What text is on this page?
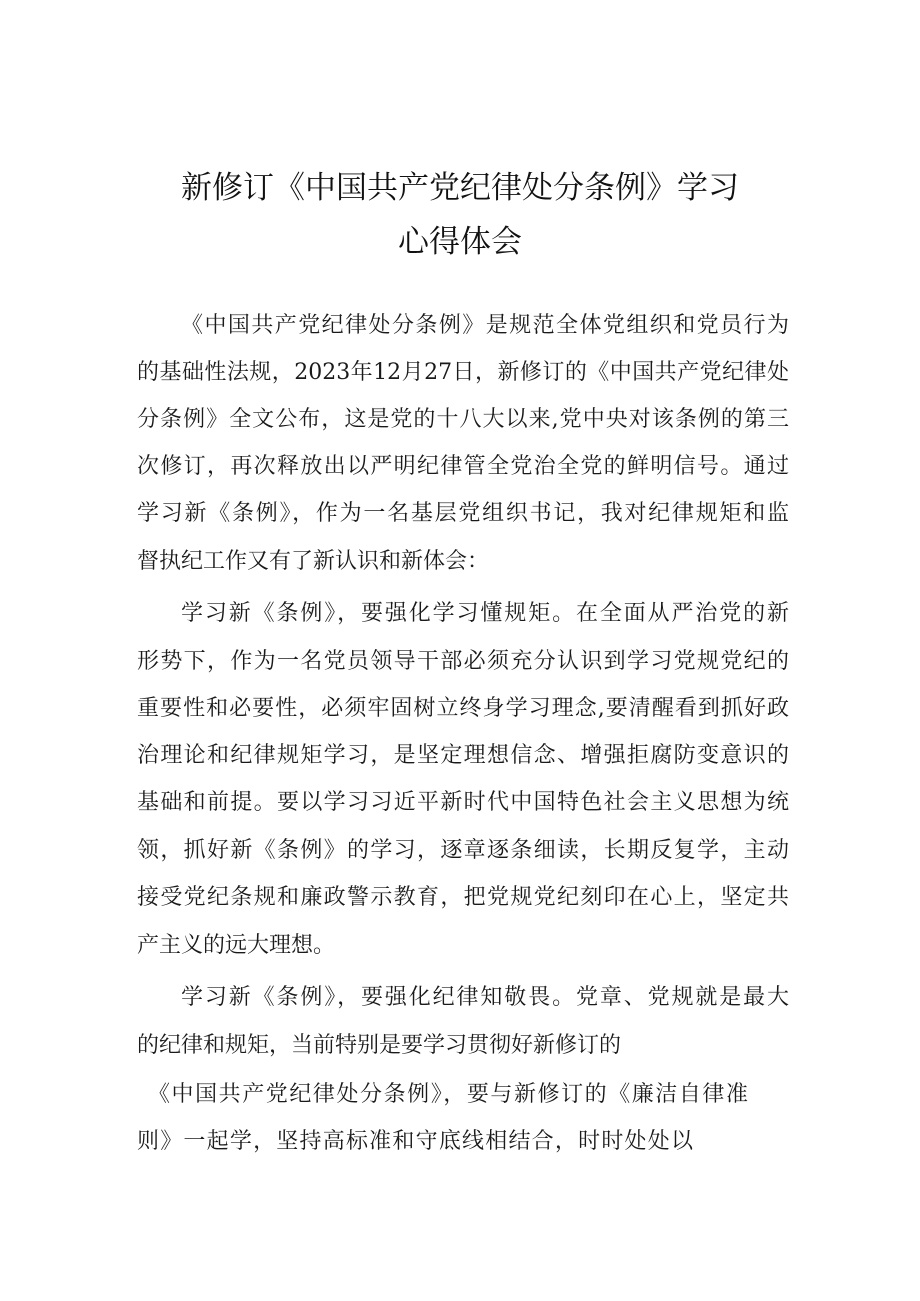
新修订《中国共产党纪律处分条例》学习
心得体会
《中国共产党纪律处分条例》是规范全体党组织和党员行为
的基础性法规，2023年12月27日，新修订的《中国共产党纪律处
分条例》全文公布，这是党的十八大以来,党中央对该条例的第三
次修订，再次释放出以严明纪律管全党治全党的鲜明信号。通过
学习新《条例》，作为一名基层党组织书记，我对纪律规矩和监
督执纪工作又有了新认识和新体会：
学习新《条例》，要强化学习懂规矩。在全面从严治党的新
形势下，作为一名党员领导干部必须充分认识到学习党规党纪的
重要性和必要性，必须牢固树立终身学习理念,要清醒看到抓好政
治理论和纪律规矩学习，是坚定理想信念、增强拒腐防变意识的
基础和前提。要以学习习近平新时代中国特色社会主义思想为统
领，抓好新《条例》的学习，逐章逐条细读，长期反复学，主动
接受党纪条规和廉政警示教育，把党规党纪刻印在心上，坚定共
产主义的远大理想。
学习新《条例》，要强化纪律知敬畏。党章、党规就是最大
的纪律和规矩，当前特别是要学习贯彻好新修订的
《中国共产党纪律处分条例》，要与新修订的《廉洁自律准
则》一起学，坚持高标准和守底线相结合，时时处处以
